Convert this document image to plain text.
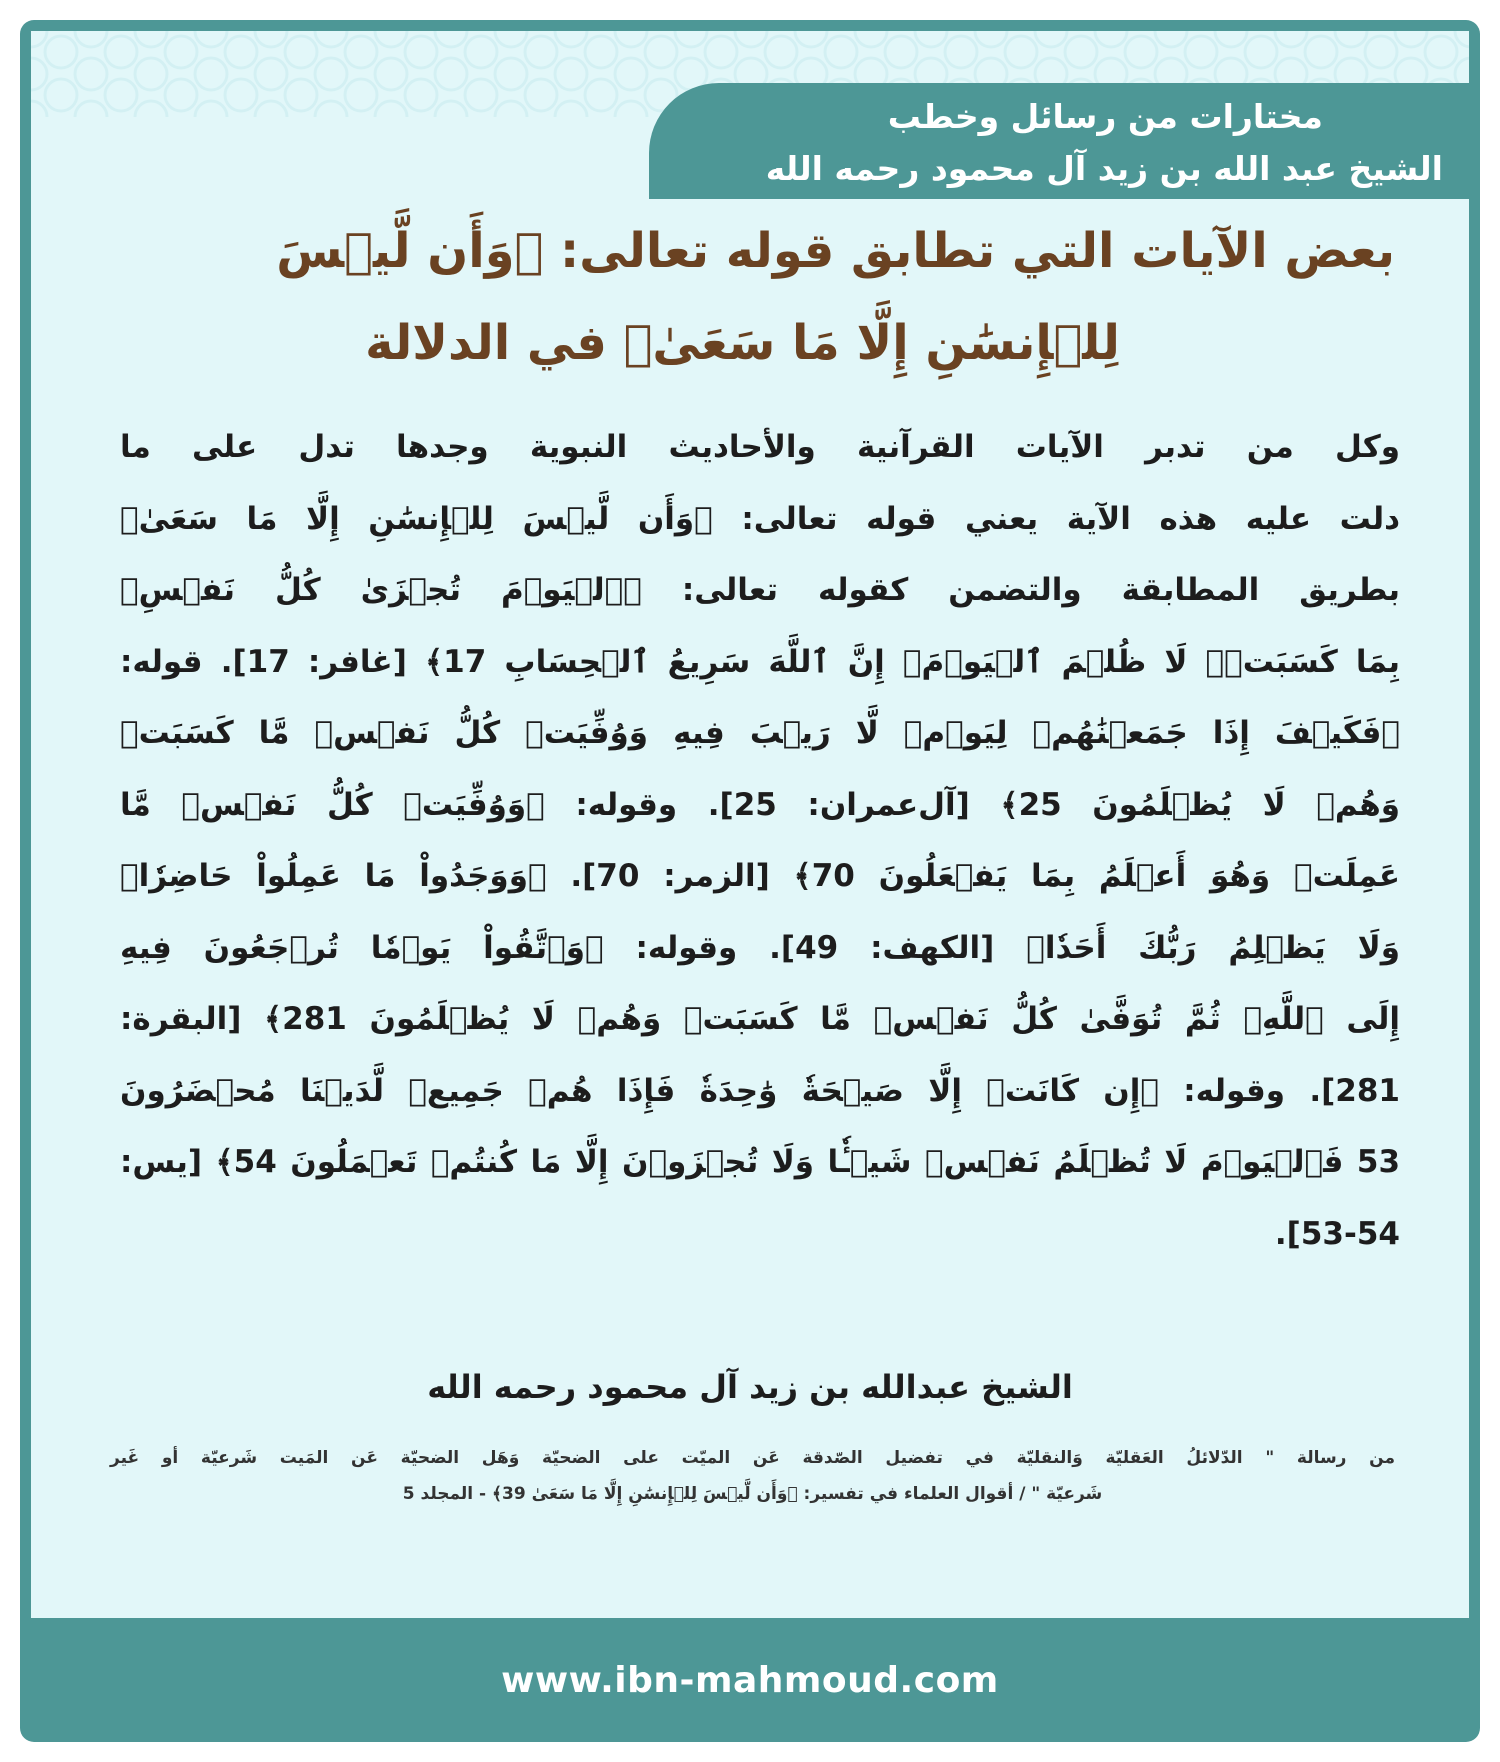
مختارات من رسائل وخطب
الشيخ عبد الله بن زيد آل محمود رحمه الله
بعض الآيات التي تطابق قوله تعالى: ﴿وَأَن لَّيۡسَ
لِلۡإِنسَٰنِ إِلَّا مَا سَعَىٰ﴾ في الدلالة
وكل من تدبر الآيات القرآنية والأحاديث النبوية وجدها تدل على ما
دلت عليه هذه الآية يعني قوله تعالى: ﴿وَأَن لَّيۡسَ لِلۡإِنسَٰنِ إِلَّا مَا سَعَىٰ﴾
بطريق المطابقة والتضمن كقوله تعالى: ﴿ٱلۡيَوۡمَ تُجۡزَىٰ كُلُّ نَفۡسِۢ
بِمَا كَسَبَتۡۚ لَا ظُلۡمَ ٱلۡيَوۡمَۚ إِنَّ ٱللَّهَ سَرِيعُ ٱلۡحِسَابِ 17﴾ [غافر: 17]. قوله:
﴿فَكَيۡفَ إِذَا جَمَعۡنَٰهُمۡ لِيَوۡمٖ لَّا رَيۡبَ فِيهِ وَوُفِّيَتۡ كُلُّ نَفۡسٖ مَّا كَسَبَتۡ
وَهُمۡ لَا يُظۡلَمُونَ 25﴾ [آل‌عمران: 25]. وقوله: ﴿وَوُفِّيَتۡ كُلُّ نَفۡسٖ مَّا
عَمِلَتۡ وَهُوَ أَعۡلَمُ بِمَا يَفۡعَلُونَ 70﴾ [الزمر: 70]. ﴿وَوَجَدُواْ مَا عَمِلُواْ حَاضِرٗاۗ
وَلَا يَظۡلِمُ رَبُّكَ أَحَدٗا﴾ [الكهف: 49]. وقوله: ﴿وَٱتَّقُواْ يَوۡمٗا تُرۡجَعُونَ فِيهِ
إِلَى ٱللَّهِۖ ثُمَّ تُوَفَّىٰ كُلُّ نَفۡسٖ مَّا كَسَبَتۡ وَهُمۡ لَا يُظۡلَمُونَ 281﴾ [البقرة:
281]. وقوله: ﴿إِن كَانَتۡ إِلَّا صَيۡحَةٗ وَٰحِدَةٗ فَإِذَا هُمۡ جَمِيعٞ لَّدَيۡنَا مُحۡضَرُونَ
53 فَٱلۡيَوۡمَ لَا تُظۡلَمُ نَفۡسٞ شَيۡـٔٗا وَلَا تُجۡزَوۡنَ إِلَّا مَا كُنتُمۡ تَعۡمَلُونَ 54﴾ [يس:
53-54].
الشيخ عبدالله بن زيد آل محمود رحمه الله
من رسالة " الدّلائلُ العَقليّة وَالنقليّة في تفضيل الصّدقة عَن الميّت على الضحيّة وَهَل الضحيّة عَن المَيت شَرعيّة أو غَير
شَرعيّة " / أقوال العلماء في تفسير: ﴿وَأَن لَّيۡسَ لِلۡإِنسَٰنِ إِلَّا مَا سَعَىٰ 39﴾ - المجلد 5
www.ibn-mahmoud.com
